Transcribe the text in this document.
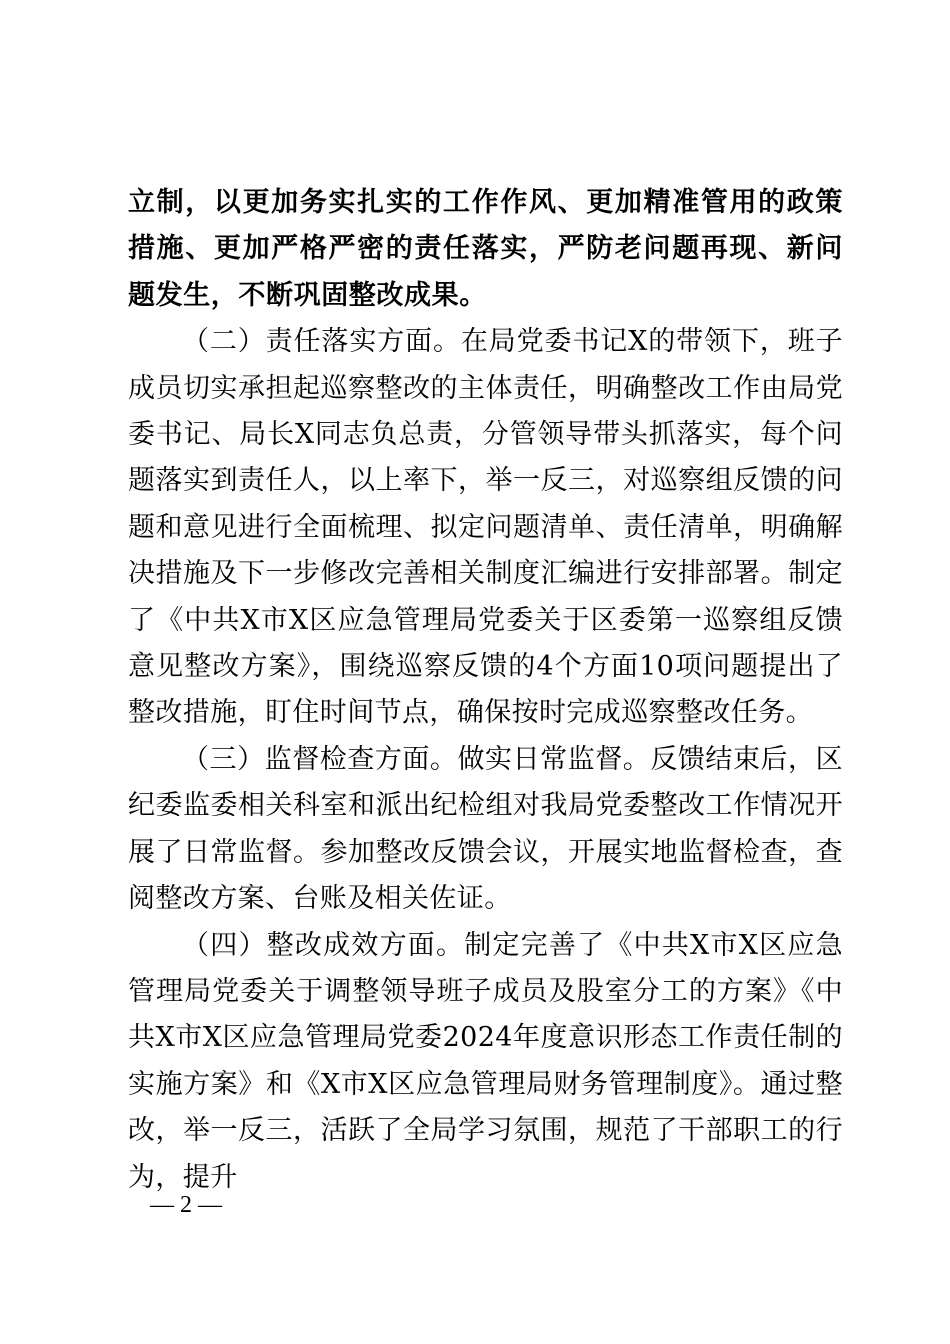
立制，以更加务实扎实的工作作风、更加精准管用的政策措施、更加严格严密的责任落实，严防老问题再现、新问题发生，不断巩固整改成果。

（二）责任落实方面。在局党委书记X的带领下，班子成员切实承担起巡察整改的主体责任，明确整改工作由局党委书记、局长X同志负总责，分管领导带头抓落实，每个问题落实到责任人，以上率下，举一反三，对巡察组反馈的问题和意见进行全面梳理、拟定问题清单、责任清单，明确解决措施及下一步修改完善相关制度汇编进行安排部署。制定了《中共X市X区应急管理局党委关于区委第一巡察组反馈意见整改方案》，围绕巡察反馈的4个方面10项问题提出了整改措施，盯住时间节点，确保按时完成巡察整改任务。

（三）监督检查方面。做实日常监督。反馈结束后，区纪委监委相关科室和派出纪检组对我局党委整改工作情况开展了日常监督。参加整改反馈会议，开展实地监督检查，查阅整改方案、台账及相关佐证。

（四）整改成效方面。制定完善了《中共X市X区应急管理局党委关于调整领导班子成员及股室分工的方案》《中共X市X区应急管理局党委2024年度意识形态工作责任制的实施方案》和《X市X区应急管理局财务管理制度》。通过整改，举一反三，活跃了全局学习氛围，规范了干部职工的行为，提升

— 2 —
